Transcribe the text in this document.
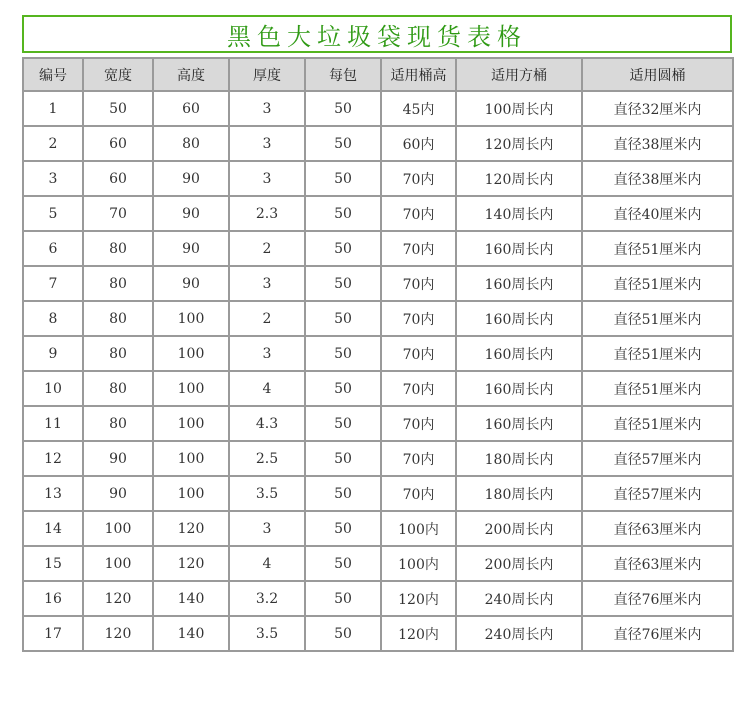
黑色大垃圾袋现货表格
编号	宽度	高度	厚度	每包	适用桶高	适用方桶	适用圆桶
1	50	60	3	50	45内	100周长内	直径32厘米内
2	60	80	3	50	60内	120周长内	直径38厘米内
3	60	90	3	50	70内	120周长内	直径38厘米内
5	70	90	2.3	50	70内	140周长内	直径40厘米内
6	80	90	2	50	70内	160周长内	直径51厘米内
7	80	90	3	50	70内	160周长内	直径51厘米内
8	80	100	2	50	70内	160周长内	直径51厘米内
9	80	100	3	50	70内	160周长内	直径51厘米内
10	80	100	4	50	70内	160周长内	直径51厘米内
11	80	100	4.3	50	70内	160周长内	直径51厘米内
12	90	100	2.5	50	70内	180周长内	直径57厘米内
13	90	100	3.5	50	70内	180周长内	直径57厘米内
14	100	120	3	50	100内	200周长内	直径63厘米内
15	100	120	4	50	100内	200周长内	直径63厘米内
16	120	140	3.2	50	120内	240周长内	直径76厘米内
17	120	140	3.5	50	120内	240周长内	直径76厘米内
